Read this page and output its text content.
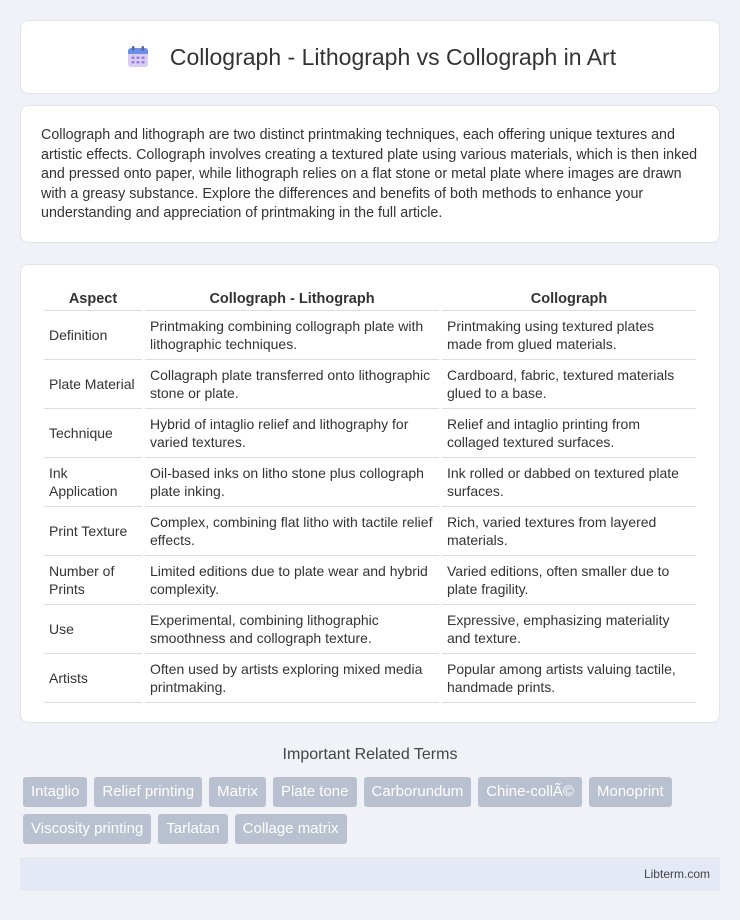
Collograph - Lithograph vs Collograph in Art

Collograph and lithograph are two distinct printmaking techniques, each offering unique textures and artistic effects. Collograph involves creating a textured plate using various materials, which is then inked and pressed onto paper, while lithograph relies on a flat stone or metal plate where images are drawn with a greasy substance. Explore the differences and benefits of both methods to enhance your understanding and appreciation of printmaking in the full article.

Aspect	Collograph - Lithograph	Collograph
Definition	Printmaking combining collograph plate with lithographic techniques.	Printmaking using textured plates made from glued materials.
Plate Material	Collagraph plate transferred onto lithographic stone or plate.	Cardboard, fabric, textured materials glued to a base.
Technique	Hybrid of intaglio relief and lithography for varied textures.	Relief and intaglio printing from collaged textured surfaces.
Ink Application	Oil-based inks on litho stone plus collograph plate inking.	Ink rolled or dabbed on textured plate surfaces.
Print Texture	Complex, combining flat litho with tactile relief effects.	Rich, varied textures from layered materials.
Number of Prints	Limited editions due to plate wear and hybrid complexity.	Varied editions, often smaller due to plate fragility.
Use	Experimental, combining lithographic smoothness and collograph texture.	Expressive, emphasizing materiality and texture.
Artists	Often used by artists exploring mixed media printmaking.	Popular among artists valuing tactile, handmade prints.
Important Related Terms
Intaglio	Relief printing	Matrix	Plate tone	Carborundum	Chine-collÃ©	Monoprint
Viscosity printing	Tarlatan	Collage matrix
Libterm.com
